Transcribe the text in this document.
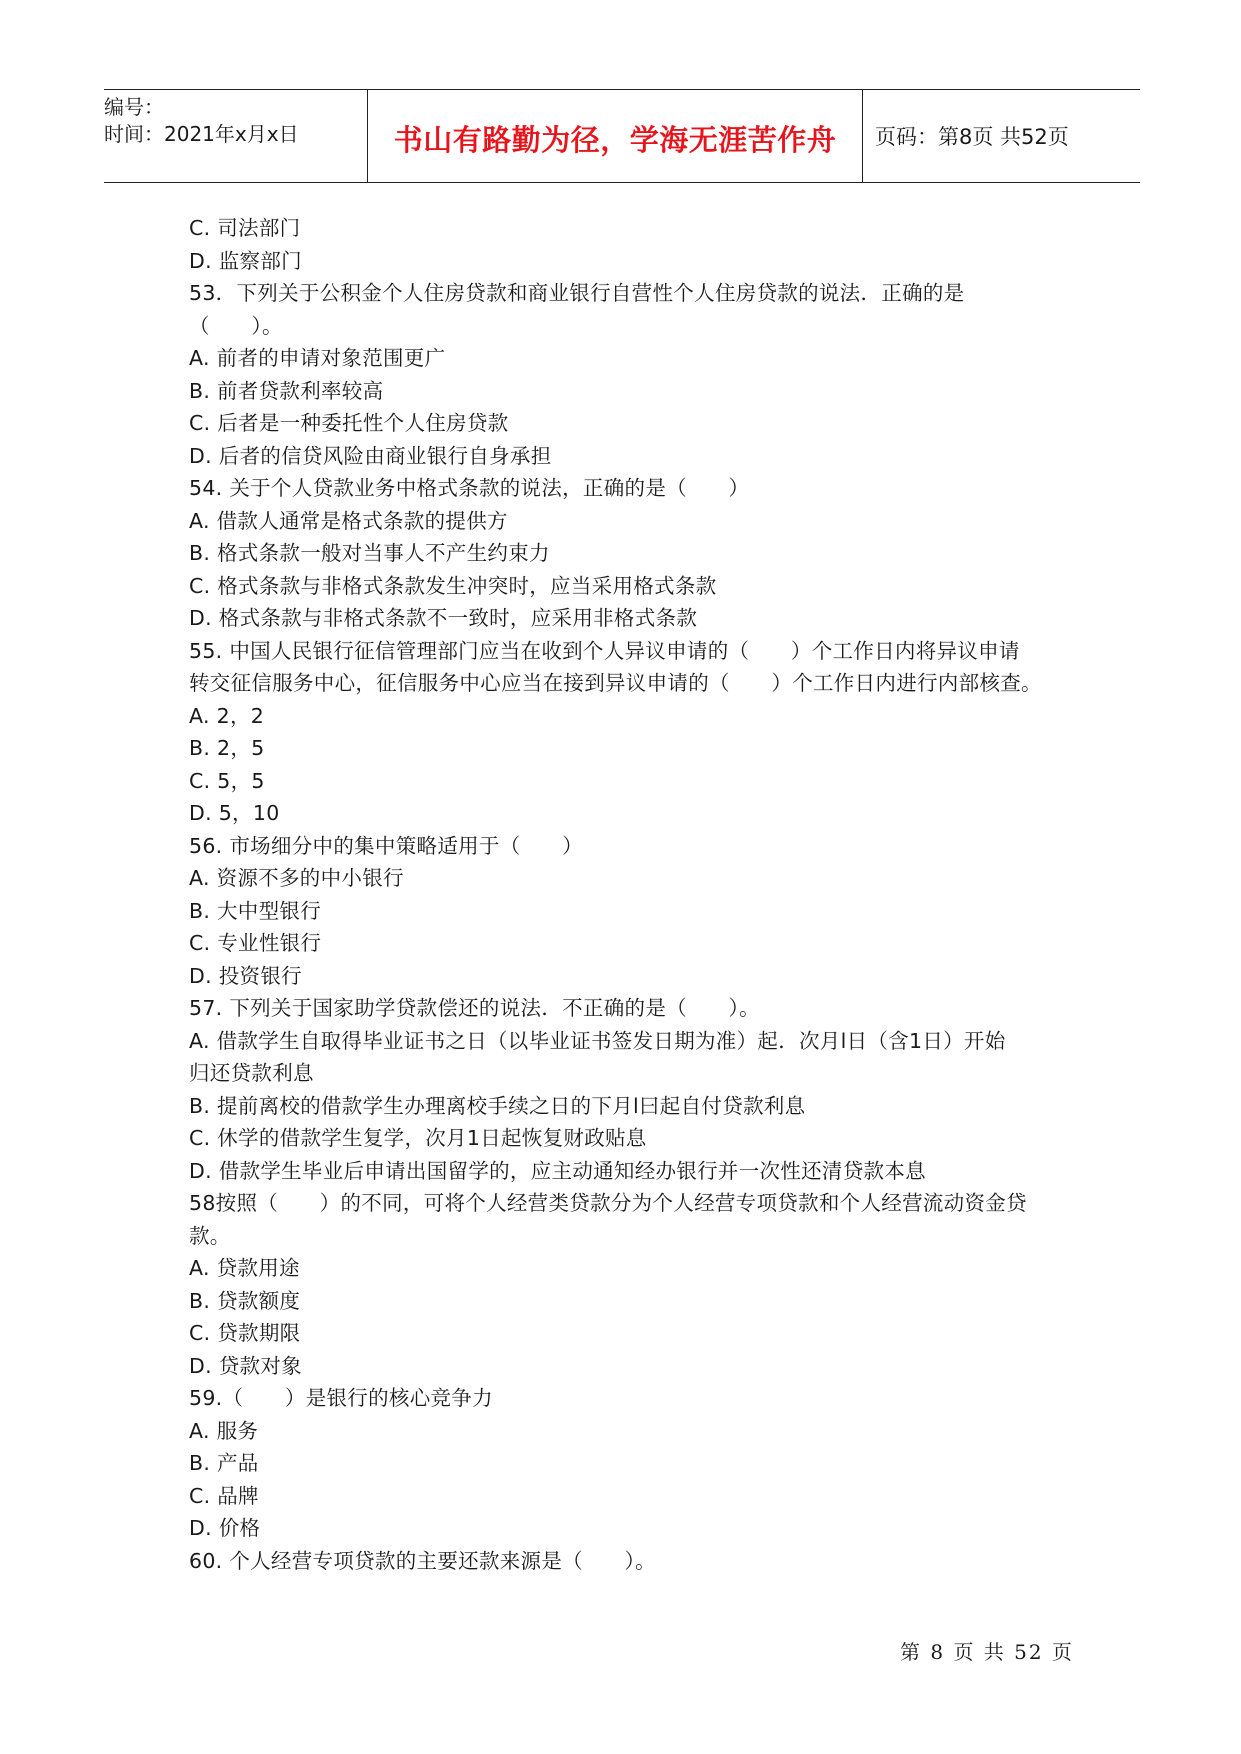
编号：
时间：2021年x月x日	书山有路勤为径，学海无涯苦作舟	页码：第8页 共52页
C. 司法部门
D. 监察部门
53．下列关于公积金个人住房贷款和商业银行自营性个人住房贷款的说法．正确的是
（　　）。
A. 前者的申请对象范围更广
B. 前者贷款利率较高
C. 后者是一种委托性个人住房贷款
D. 后者的信贷风险由商业银行自身承担
54. 关于个人贷款业务中格式条款的说法，正确的是（　　）
A. 借款人通常是格式条款的提供方
B. 格式条款一般对当事人不产生约束力
C. 格式条款与非格式条款发生冲突时，应当采用格式条款
D. 格式条款与非格式条款不一致时，应采用非格式条款
55. 中国人民银行征信管理部门应当在收到个人异议申请的（　　）个工作日内将异议申请
转交征信服务中心，征信服务中心应当在接到异议申请的（　　）个工作日内进行内部核查。
A. 2，2
B. 2，5
C. 5，5
D. 5，10
56. 市场细分中的集中策略适用于（　　）
A. 资源不多的中小银行
B. 大中型银行
C. 专业性银行
D. 投资银行
57. 下列关于国家助学贷款偿还的说法．不正确的是（　　）。
A. 借款学生自取得毕业证书之日（以毕业证书签发日期为准）起．次月l日（含1日）开始
归还贷款利息
B. 提前离校的借款学生办理离校手续之日的下月l曰起自付贷款利息
C. 休学的借款学生复学，次月1日起恢复财政贴息
D. 借款学生毕业后申请出国留学的，应主动通知经办银行并一次性还清贷款本息
58按照（　　）的不同，可将个人经营类贷款分为个人经营专项贷款和个人经营流动资金贷
款。
A. 贷款用途
B. 贷款额度
C. 贷款期限
D. 贷款对象
59.（　　）是银行的核心竞争力
A. 服务
B. 产品
C. 品牌
D. 价格
60. 个人经营专项贷款的主要还款来源是（　　）。
第 8 页 共 52 页
